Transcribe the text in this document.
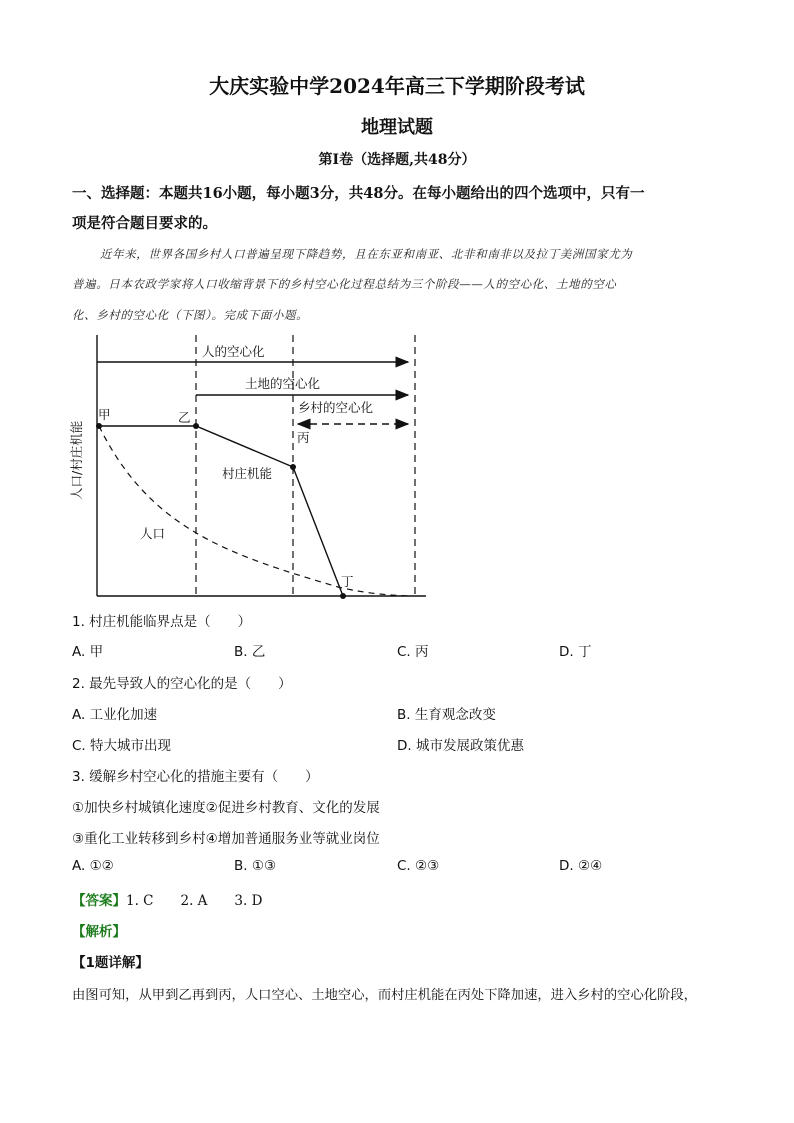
大庆实验中学2024年高三下学期阶段考试
地理试题
第Ⅰ卷（选择题,共48分）
一、选择题：本题共16小题，每小题3分，共48分。在每小题给出的四个选项中，只有一
项是符合题目要求的。
近年来，世界各国乡村人口普遍呈现下降趋势，且在东亚和南亚、北非和南非以及拉丁美洲国家尤为
普遍。日本农政学家将人口收缩背景下的乡村空心化过程总结为三个阶段——人的空心化、土地的空心
化、乡村的空心化（下图）。完成下面小题。
人的空心化
土地的空心化
乡村的空心化
甲	乙
丙
丁
村庄机能
人口
人口/村庄机能
1. 村庄机能临界点是（　　）
A. 甲	B. 乙	C. 丙	D. 丁
2. 最先导致人的空心化的是（　　）
A. 工业化加速	B. 生育观念改变
C. 特大城市出现	D. 城市发展政策优惠
3. 缓解乡村空心化的措施主要有（　　）
①加快乡村城镇化速度②促进乡村教育、文化的发展
③重化工业转移到乡村④增加普通服务业等就业岗位
A. ①②	B. ①③	C. ②③	D. ②④
【答案】1. C　　2. A　　3. D
【解析】
【1题详解】
由图可知，从甲到乙再到丙，人口空心、土地空心，而村庄机能在丙处下降加速，进入乡村的空心化阶段，
